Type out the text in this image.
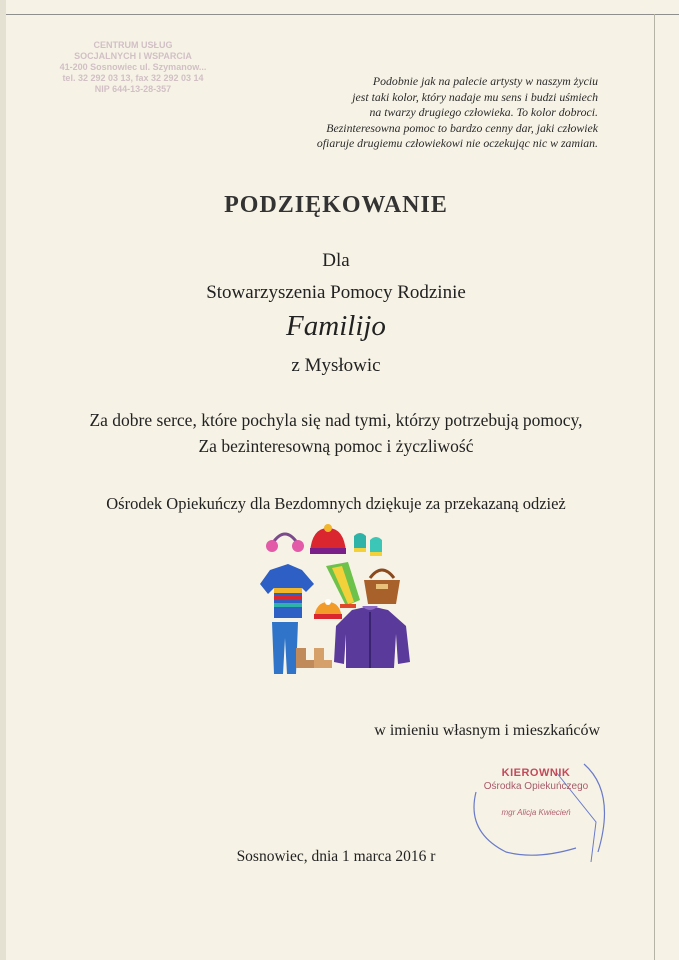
CENTRUM USŁUG
SOCJALNYCH I WSPARCIA
41-200 Sosnowiec ul. Szymanow...
tel. 32 292 03 13, fax 32 292 03 14
NIP 644-13-28-357
Podobnie jak na palecie artysty w naszym życiu
jest taki kolor, który nadaje mu sens i budzi uśmiech
na twarzy drugiego człowieka. To kolor dobroci.
Bezinteresowna pomoc to bardzo cenny dar, jaki człowiek
ofiaruje drugiemu człowiekowi nie oczekując nic w zamian.
PODZIĘKOWANIE
Dla
Stowarzyszenia Pomocy Rodzinie
Familijo
z Mysłowic
Za dobre serce, które pochyla się nad tymi, którzy potrzebują pomocy,
Za bezinteresowną pomoc i życzliwość
Ośrodek Opiekuńczy dla Bezdomnych dziękuje za przekazaną odzież
w imieniu własnym i mieszkańców
KIEROWNIK
Ośrodka Opiekuńczego
mgr Alicja Kwiecień
Sosnowiec, dnia 1 marca 2016 r
